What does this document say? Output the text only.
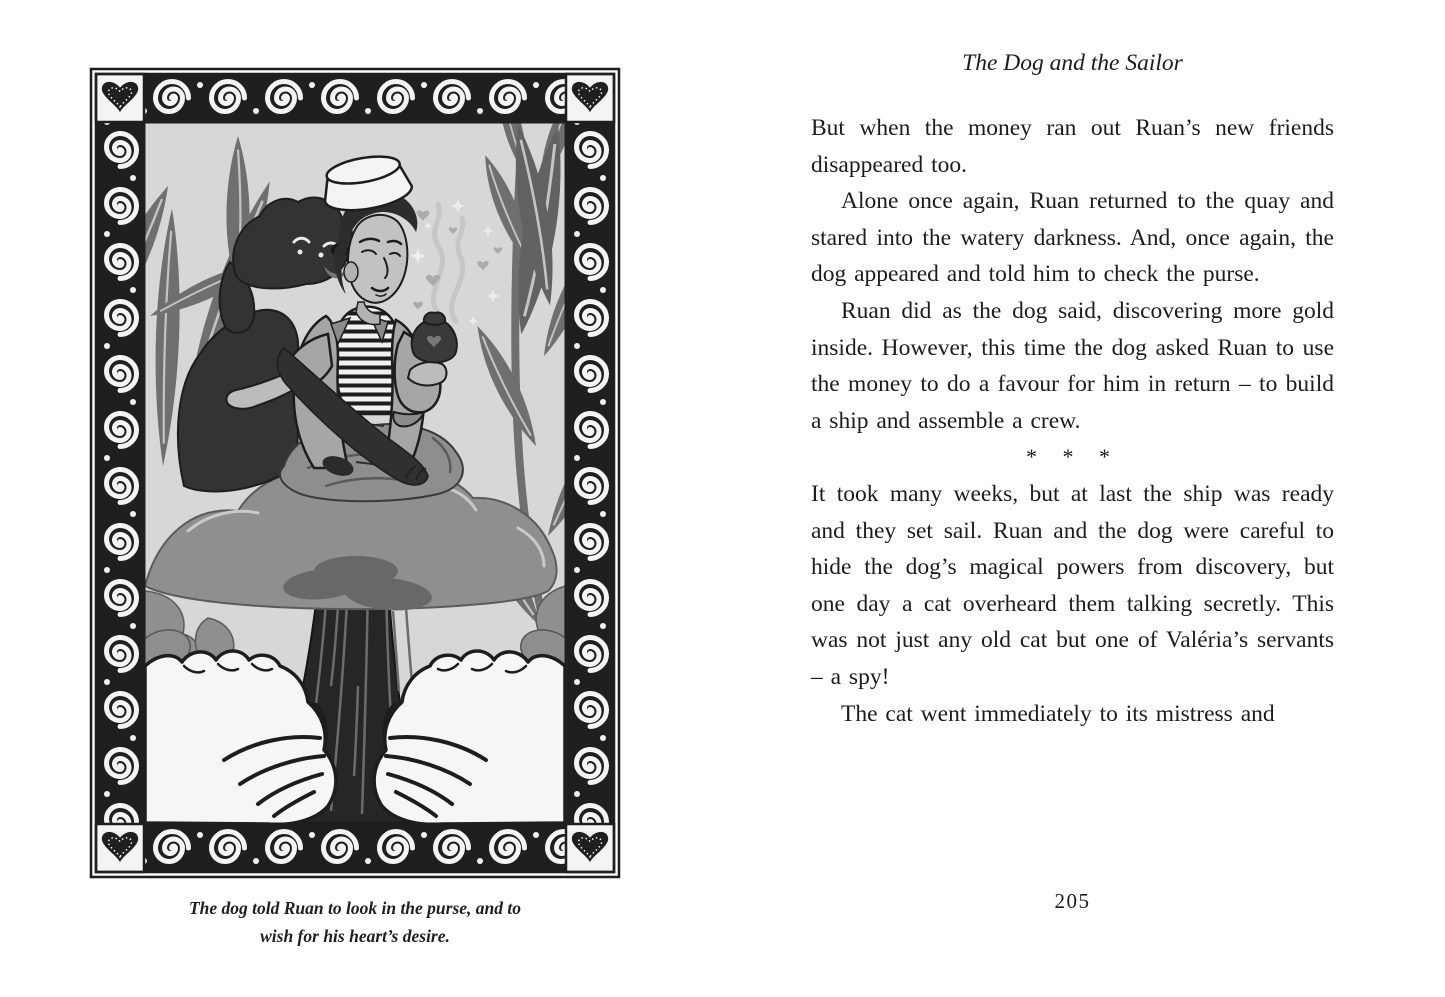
The dog told Ruan to look in the purse, and to
wish for his heart’s desire.
The Dog and the Sailor

But when the money ran out Ruan’s new friends disappeared too.

Alone once again, Ruan returned to the quay and stared into the watery darkness. And, once again, the dog appeared and told him to check the purse.

Ruan did as the dog said, discovering more gold inside. However, this time the dog asked Ruan to use the money to do a favour for him in return – to build a ship and assemble a crew.

* * *

It took many weeks, but at last the ship was ready and they set sail. Ruan and the dog were careful to hide the dog’s magical powers from discovery, but one day a cat overheard them talking secretly. This was not just any old cat but one of Valéria’s servants – a spy!

The cat went immediately to its mistress and

205
